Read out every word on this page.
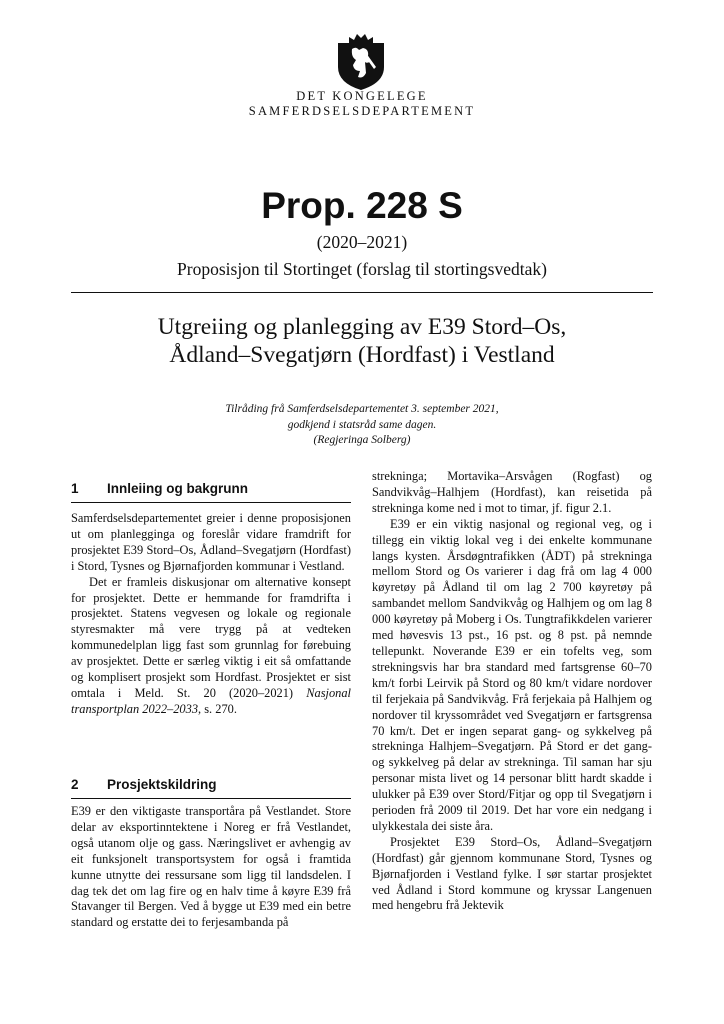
DET KONGELEGE
SAMFERDSELSDEPARTEMENT
Prop. 228 S
(2020–2021)
Proposisjon til Stortinget (forslag til stortingsvedtak)
Utgreiing og planlegging av E39 Stord–Os,
Ådland–Svegatjørn (Hordfast) i Vestland
Tilråding frå Samferdselsdepartementet 3. september 2021,
godkjend i statsråd same dagen.
(Regjeringa Solberg)
1 Innleiing og bakgrunn

Samferdselsdepartementet greier i denne proposisjonen ut om planlegginga og foreslår vidare framdrift for prosjektet E39 Stord–Os, Ådland–Svegatjørn (Hordfast) i Stord, Tysnes og Bjørnafjorden kommunar i Vestland.

Det er framleis diskusjonar om alternative konsept for prosjektet. Dette er hemmande for framdrifta i prosjektet. Statens vegvesen og lokale og regionale styresmakter må vere trygg på at vedteken kommunedelplan ligg fast som grunnlag for førebuing av prosjektet. Dette er særleg viktig i eit så omfattande og komplisert prosjekt som Hordfast. Prosjektet er sist omtala i Meld. St. 20 (2020–2021) Nasjonal transportplan 2022–2033, s. 270.

2 Prosjektskildring

E39 er den viktigaste transportåra på Vestlandet. Store delar av eksportinntektene i Noreg er frå Vestlandet, også utanom olje og gass. Næringslivet er avhengig av eit funksjonelt transportsystem for også i framtida kunne utnytte dei ressursane som ligg til landsdelen. I dag tek det om lag fire og en halv time å køyre E39 frå Stavanger til Bergen. Ved å bygge ut E39 med ein betre standard og erstatte dei to ferjesambanda på

strekninga; Mortavika–Arsvågen (Rogfast) og Sandvikvåg–Halhjem (Hordfast), kan reisetida på strekninga kome ned i mot to timar, jf. figur 2.1.

E39 er ein viktig nasjonal og regional veg, og i tillegg ein viktig lokal veg i dei enkelte kommunane langs kysten. Årsdøgntrafikken (ÅDT) på strekninga mellom Stord og Os varierer i dag frå om lag 4 000 køyretøy på Ådland til om lag 2 700 køyretøy på sambandet mellom Sandvikvåg og Halhjem og om lag 8 000 køyretøy på Moberg i Os. Tungtrafikkdelen varierer med høvesvis 13 pst., 16 pst. og 8 pst. på nemnde tellepunkt. Noverande E39 er ein tofelts veg, som strekningsvis har bra standard med fartsgrense 60–70 km/t forbi Leirvik på Stord og 80 km/t vidare nordover til ferjekaia på Sandvikvåg. Frå ferjekaia på Halhjem og nordover til kryssområdet ved Svegatjørn er fartsgrensa 70 km/t. Det er ingen separat gang- og sykkelveg på strekninga Halhjem–Svegatjørn. På Stord er det gang- og sykkelveg på delar av strekninga. Til saman har sju personar mista livet og 14 personar blitt hardt skadde i ulukker på E39 over Stord/Fitjar og opp til Svegatjørn i perioden frå 2009 til 2019. Det har vore ein nedgang i ulykkestala dei siste åra.

Prosjektet E39 Stord–Os, Ådland–Svegatjørn (Hordfast) går gjennom kommunane Stord, Tysnes og Bjørnafjorden i Vestland fylke. I sør startar prosjektet ved Ådland i Stord kommune og kryssar Langenuen med hengebru frå Jektevik
